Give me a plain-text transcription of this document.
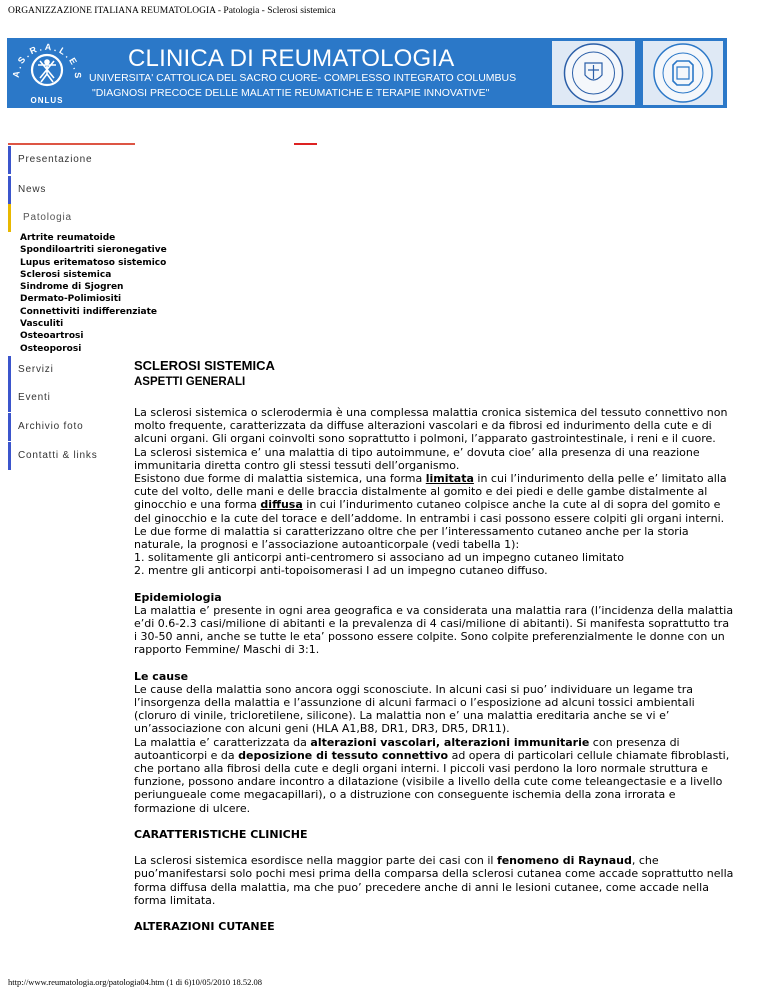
ORGANIZZAZIONE ITALIANA REUMATOLOGIA - Patologia - Sclerosi sistemica
A.S.R.A.L.E.S
ONLUS
CLINICA DI REUMATOLOGIA
UNIVERSITA' CATTOLICA DEL SACRO CUORE- COMPLESSO INTEGRATO COLUMBUS
"DIAGNOSI PRECOCE DELLE MALATTIE REUMATICHE E TERAPIE INNOVATIVE"
Presentazione
News
Patologia
Artrite reumatoide
Spondiloartriti sieronegative
Lupus eritematoso sistemico
Sclerosi sistemica
Sindrome di Sjogren
Dermato-Polimiositi
Connettiviti indifferenziate
Vasculiti
Osteoartrosi
Osteoporosi
Servizi
Eventi
Archivio foto
Contatti & links
SCLEROSI SISTEMICA
ASPETTI GENERALI

La sclerosi sistemica o sclerodermia è una complessa malattia cronica sistemica del tessuto connettivo non molto frequente, caratterizzata da diffuse alterazioni vascolari e da fibrosi ed indurimento della cute e di alcuni organi. Gli organi coinvolti sono soprattutto i polmoni, l’apparato gastrointestinale, i reni e il cuore.

La sclerosi sistemica e’ una malattia di tipo autoimmune, e’ dovuta cioe’ alla presenza di una reazione immunitaria diretta contro gli stessi tessuti dell’organismo.

Esistono due forme di malattia sistemica, una forma limitata in cui l’indurimento della pelle e’ limitato alla cute del volto, delle mani e delle braccia distalmente al gomito e dei piedi e delle gambe distalmente al ginocchio e una forma diffusa in cui l’indurimento cutaneo colpisce anche la cute al di sopra del gomito e del ginocchio e la cute del torace e dell’addome. In entrambi i casi possono essere colpiti gli organi interni.

Le due forme di malattia si caratterizzano oltre che per l’interessamento cutaneo anche per la storia naturale, la prognosi e l’associazione autoanticorpale (vedi tabella 1):

1. solitamente gli anticorpi anti-centromero si associano ad un impegno cutaneo limitato

2. mentre gli anticorpi anti-topoisomerasi I ad un impegno cutaneo diffuso.

Epidemiologia

La malattia e’ presente in ogni area geografica e va considerata una malattia rara (l’incidenza della malattia e’di 0.6-2.3 casi/milione di abitanti e la prevalenza di 4 casi/milione di abitanti). Si manifesta soprattutto tra i 30-50 anni, anche se tutte le eta’ possono essere colpite. Sono colpite preferenzialmente le donne con un rapporto Femmine/ Maschi di 3:1.

Le cause

Le cause della malattia sono ancora oggi sconosciute. In alcuni casi si puo’ individuare un legame tra l’insorgenza della malattia e l’assunzione di alcuni farmaci o l’esposizione ad alcuni tossici ambientali (cloruro di vinile, tricloretilene, silicone). La malattia non e’ una malattia ereditaria anche se vi e’ un’associazione con alcuni geni (HLA A1,B8, DR1, DR3, DR5, DR11).

La malattia e’ caratterizzata da alterazioni vascolari, alterazioni immunitarie con presenza di autoanticorpi e da deposizione di tessuto connettivo ad opera di particolari cellule chiamate fibroblasti, che portano alla fibrosi della cute e degli organi interni. I piccoli vasi perdono la loro normale struttura e funzione, possono andare incontro a dilatazione (visibile a livello della cute come teleangectasie e a livello periungueale come megacapillari), o a distruzione con conseguente ischemia della zona irrorata e formazione di ulcere.

CARATTERISTICHE CLINICHE

La sclerosi sistemica esordisce nella maggior parte dei casi con il fenomeno di Raynaud, che puo’manifestarsi solo pochi mesi prima della comparsa della sclerosi cutanea come accade soprattutto nella forma diffusa della malattia, ma che puo’ precedere anche di anni le lesioni cutanee, come accade nella forma limitata.

ALTERAZIONI CUTANEE

http://www.reumatologia.org/patologia04.htm (1 di 6)10/05/2010 18.52.08
